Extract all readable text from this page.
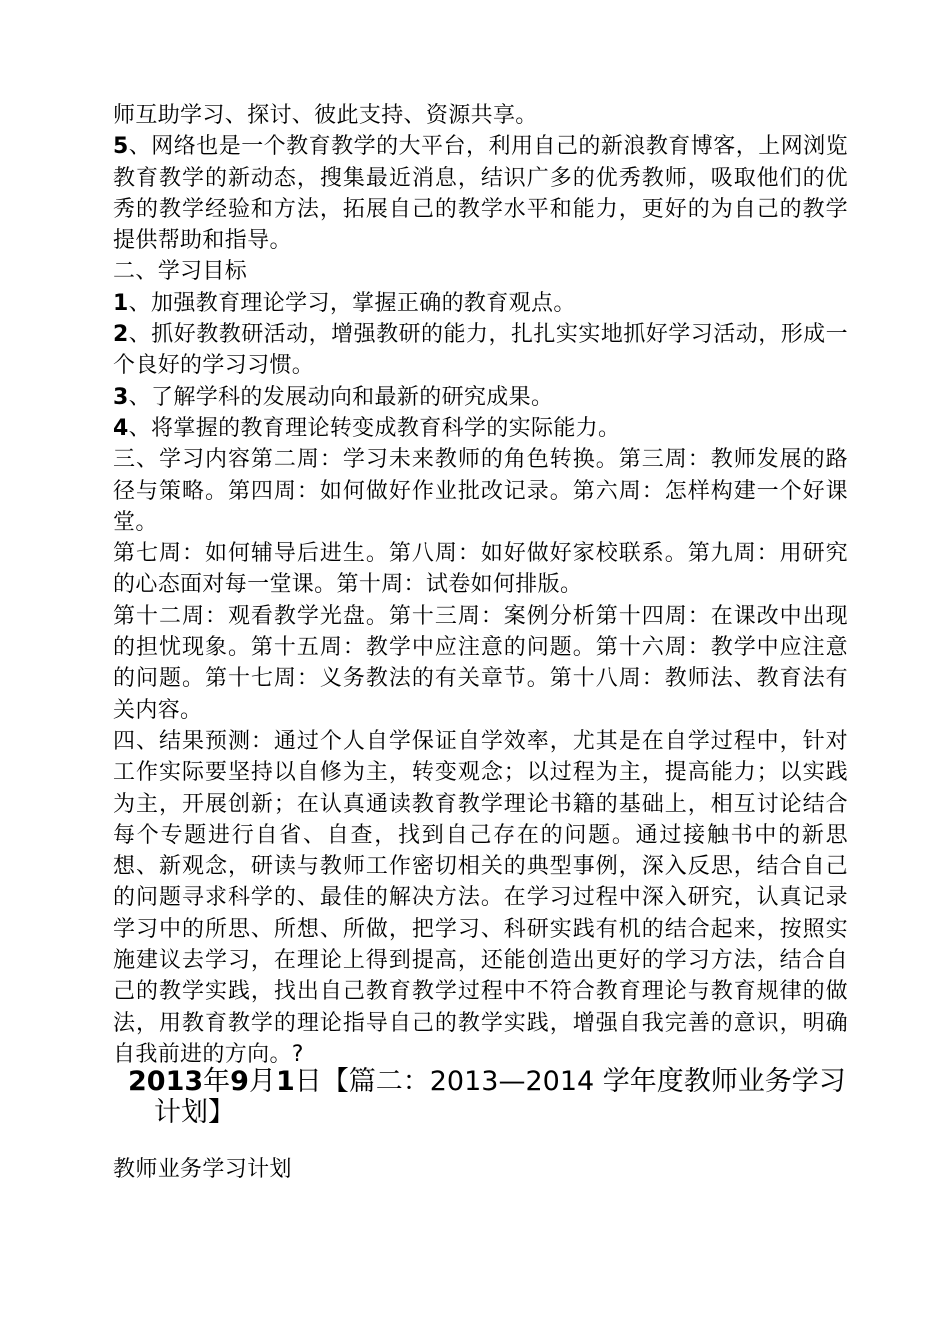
师互助学习、探讨、彼此支持、资源共享。

5、网络也是一个教育教学的大平台，利用自己的新浪教育博客，上网浏览教育教学的新动态，搜集最近消息，结识广多的优秀教师，吸取他们的优秀的教学经验和方法，拓展自己的教学水平和能力，更好的为自己的教学提供帮助和指导。

二、学习目标

1、加强教育理论学习，掌握正确的教育观点。

2、抓好教教研活动，增强教研的能力，扎扎实实地抓好学习活动，形成一个良好的学习习惯。

3、了解学科的发展动向和最新的研究成果。

4、将掌握的教育理论转变成教育科学的实际能力。

三、学习内容第二周：学习未来教师的角色转换。第三周：教师发展的路径与策略。第四周：如何做好作业批改记录。第六周：怎样构建一个好课堂。

第七周：如何辅导后进生。第八周：如好做好家校联系。第九周：用研究的心态面对每一堂课。第十周：试卷如何排版。

第十二周：观看教学光盘。第十三周：案例分析第十四周：在课改中出现的担忧现象。第十五周：教学中应注意的问题。第十六周：教学中应注意的问题。第十七周：义务教法的有关章节。第十八周：教师法、教育法有关内容。

四、结果预测：通过个人自学保证自学效率，尤其是在自学过程中，针对工作实际要坚持以自修为主，转变观念；以过程为主，提高能力；以实践为主，开展创新；在认真通读教育教学理论书籍的基础上，相互讨论结合每个专题进行自省、自查，找到自己存在的问题。通过接触书中的新思想、新观念，研读与教师工作密切相关的典型事例，深入反思，结合自己的问题寻求科学的、最佳的解决方法。在学习过程中深入研究，认真记录学习中的所思、所想、所做，把学习、科研实践有机的结合起来，按照实施建议去学习，在理论上得到提高，还能创造出更好的学习方法，结合自己的教学实践，找出自己教育教学过程中不符合教育理论与教育规律的做法，用教育教学的理论指导自己的教学实践，增强自我完善的意识，明确自我前进的方向。?

2013年9月1日【篇二：2013—2014 学年度教师业务学习
计划】
教师业务学习计划
